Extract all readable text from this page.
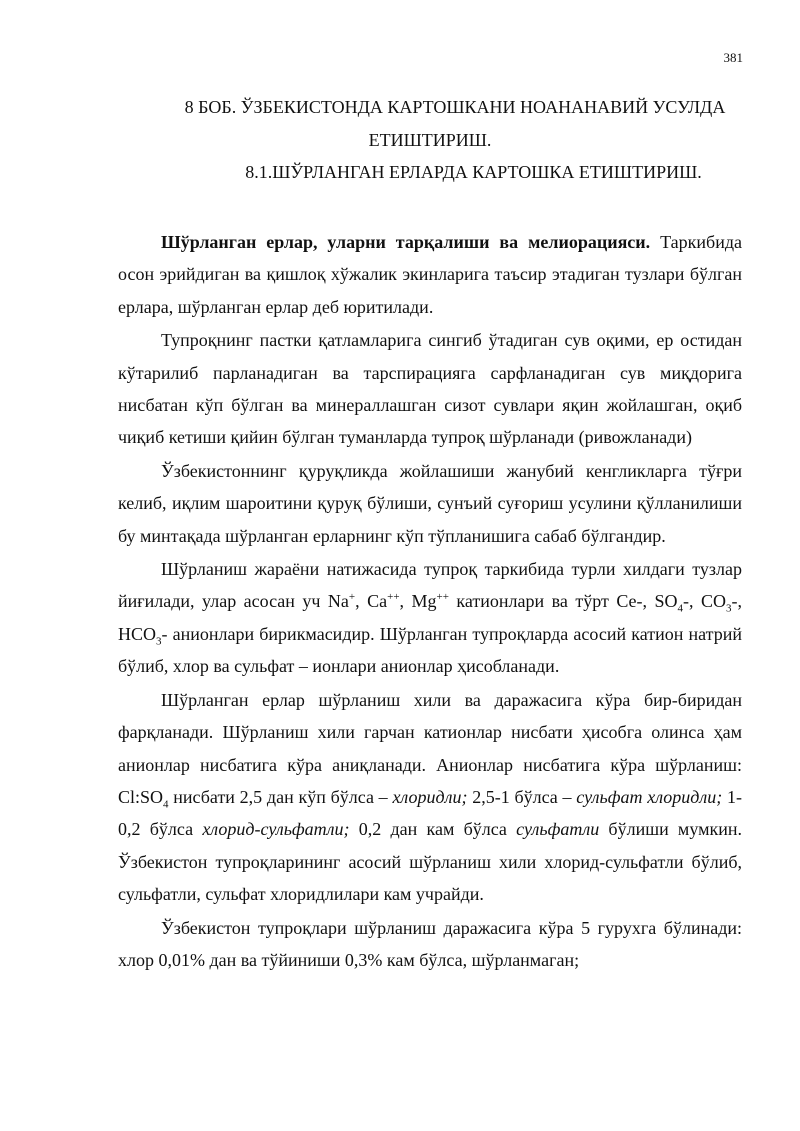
381
8 БОБ. ЎЗБЕКИСТОНДА КАРТОШКАНИ НОАНАНАВИЙ УСУЛДА
ЕТИШТИРИШ.
8.1.ШЎРЛАНГАН ЕРЛАРДА КАРТОШКА ЕТИШТИРИШ.

Шўрланган ерлар, уларни тарқалиши ва мелиорацияси. Таркибида осон эрийдиган ва қишлоқ хўжалик экинларига таъсир этадиган тузлари бўлган ерлара, шўрланган ерлар деб юритилади.

Тупроқнинг пастки қатламларига сингиб ўтадиган сув оқими, ер остидан кўтарилиб парланадиган ва тарспирацияга сарфланадиган сув миқдорига нисбатан кўп бўлган ва минераллашган сизот сувлари яқин жойлашган, оқиб чиқиб кетиши қийин бўлган туманларда тупроқ шўрланади (ривожланади)

Ўзбекистоннинг қуруқликда жойлашиши жанубий кенгликларга тўғри келиб, иқлим шароитини қуруқ бўлиши, сунъий суғориш усулини қўлланилиши бу минтақада шўрланган ерларнинг кўп тўпланишига сабаб бўлгандир.

Шўрланиш жараёни натижасида тупроқ таркибида турли хилдаги тузлар йиғилади, улар асосан уч Na+, Ca++, Mg++ катионлари ва тўрт Се-, $SO_4-$, $CO_3-$, $HCO_3-$ анионлари бирикмасидир. Шўрланган тупроқларда асосий катион натрий бўлиб, хлор ва сульфат – ионлари анионлар ҳисобланади.

Шўрланган ерлар шўрланиш хили ва даражасига кўра бир-биридан фарқланади. Шўрланиш хили гарчан катионлар нисбати ҳисобга олинса ҳам анионлар нисбатига кўра аниқланади. Анионлар нисбатига кўра шўрланиш: $Cl:SO_4$ нисбати 2,5 дан кўп бўлса – хлоридли; 2,5-1 бўлса – сульфат хлоридли; 1-0,2 бўлса хлорид-сульфатли; 0,2 дан кам бўлса сульфатли бўлиши мумкин. Ўзбекистон тупроқларининг асосий шўрланиш хили хлорид-сульфатли бўлиб, сульфатли, сульфат хлоридлилари кам учрайди.

Ўзбекистон тупроқлари шўрланиш даражасига кўра 5 гурухга бўлинади: хлор 0,01% дан ва тўйиниши 0,3% кам бўлса, шўрланмаган;
